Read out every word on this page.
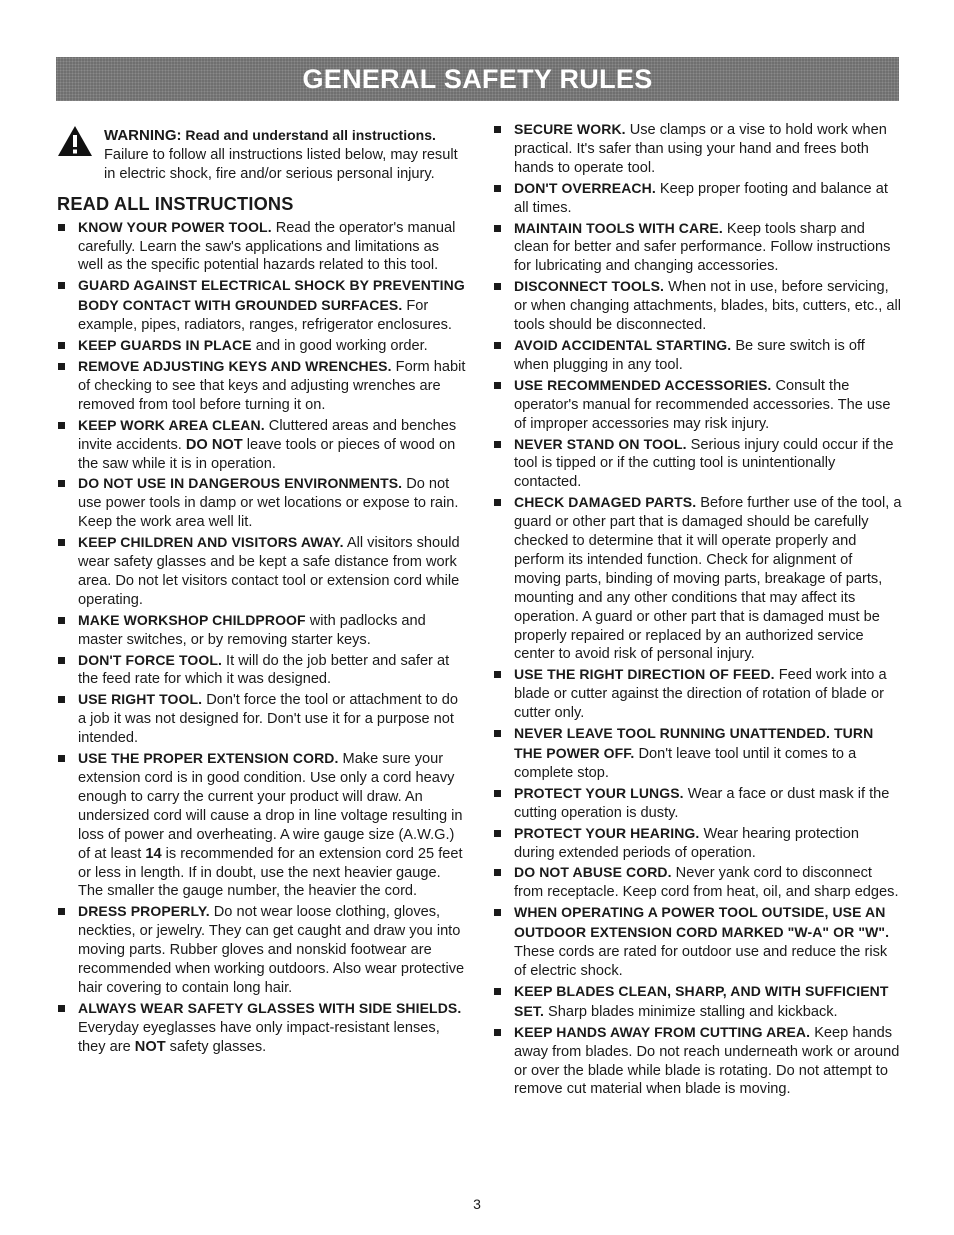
GENERAL SAFETY RULES
WARNING: Read and understand all instructions. Failure to follow all instructions listed below, may result in electric shock, fire and/or serious personal injury.
READ ALL INSTRUCTIONS
KNOW YOUR POWER TOOL. Read the operator's manual carefully. Learn the saw's applications and limitations as well as the specific potential hazards related to this tool.
GUARD AGAINST ELECTRICAL SHOCK BY PREVENTING BODY CONTACT WITH GROUNDED SURFACES. For example, pipes, radiators, ranges, refrigerator enclosures.
KEEP GUARDS IN PLACE and in good working order.
REMOVE ADJUSTING KEYS AND WRENCHES. Form habit of checking to see that keys and adjusting wrenches are removed from tool before turning it on.
KEEP WORK AREA CLEAN. Cluttered areas and benches invite accidents. DO NOT leave tools or pieces of wood on the saw while it is in operation.
DO NOT USE IN DANGEROUS ENVIRONMENTS. Do not use power tools in damp or wet locations or expose to rain. Keep the work area well lit.
KEEP CHILDREN AND VISITORS AWAY. All visitors should wear safety glasses and be kept a safe distance from work area. Do not let visitors contact tool or extension cord while operating.
MAKE WORKSHOP CHILDPROOF with padlocks and master switches, or by removing starter keys.
DON'T FORCE TOOL. It will do the job better and safer at the feed rate for which it was designed.
USE RIGHT TOOL. Don't force the tool or attachment to do a job it was not designed for. Don't use it for a purpose not intended.
USE THE PROPER EXTENSION CORD. Make sure your extension cord is in good condition. Use only a cord heavy enough to carry the current your product will draw. An undersized cord will cause a drop in line voltage resulting in loss of power and overheating. A wire gauge size (A.W.G.) of at least 14 is recommended for an extension cord 25 feet or less in length. If in doubt, use the next heavier gauge. The smaller the gauge number, the heavier the cord.
DRESS PROPERLY. Do not wear loose clothing, gloves, neckties, or jewelry. They can get caught and draw you into moving parts. Rubber gloves and nonskid footwear are recommended when working outdoors. Also wear protective hair covering to contain long hair.
ALWAYS WEAR SAFETY GLASSES WITH SIDE SHIELDS. Everyday eyeglasses have only impact-resistant lenses, they are NOT safety glasses.
SECURE WORK. Use clamps or a vise to hold work when practical. It's safer than using your hand and frees both hands to operate tool.
DON'T OVERREACH. Keep proper footing and balance at all times.
MAINTAIN TOOLS WITH CARE. Keep tools sharp and clean for better and safer performance. Follow instructions for lubricating and changing accessories.
DISCONNECT TOOLS. When not in use, before servicing, or when changing attachments, blades, bits, cutters, etc., all tools should be disconnected.
AVOID ACCIDENTAL STARTING. Be sure switch is off when plugging in any tool.
USE RECOMMENDED ACCESSORIES. Consult the operator's manual for recommended accessories. The use of improper accessories may risk injury.
NEVER STAND ON TOOL. Serious injury could occur if the tool is tipped or if the cutting tool is unintentionally contacted.
CHECK DAMAGED PARTS. Before further use of the tool, a guard or other part that is damaged should be carefully checked to determine that it will operate properly and perform its intended function. Check for alignment of moving parts, binding of moving parts, breakage of parts, mounting and any other conditions that may affect its operation. A guard or other part that is damaged must be properly repaired or replaced by an authorized service center to avoid risk of personal injury.
USE THE RIGHT DIRECTION OF FEED. Feed work into a blade or cutter against the direction of rotation of blade or cutter only.
NEVER LEAVE TOOL RUNNING UNATTENDED. TURN THE POWER OFF. Don't leave tool until it comes to a complete stop.
PROTECT YOUR LUNGS. Wear a face or dust mask if the cutting operation is dusty.
PROTECT YOUR HEARING. Wear hearing protection during extended periods of operation.
DO NOT ABUSE CORD. Never yank cord to disconnect from receptacle. Keep cord from heat, oil, and sharp edges.
WHEN OPERATING A POWER TOOL OUTSIDE, USE AN OUTDOOR EXTENSION CORD MARKED "W-A" OR "W". These cords are rated for outdoor use and reduce the risk of electric shock.
KEEP BLADES CLEAN, SHARP, AND WITH SUFFICIENT SET. Sharp blades minimize stalling and kickback.
KEEP HANDS AWAY FROM CUTTING AREA. Keep hands away from blades. Do not reach underneath work or around or over the blade while blade is rotating. Do not attempt to remove cut material when blade is moving.
3
